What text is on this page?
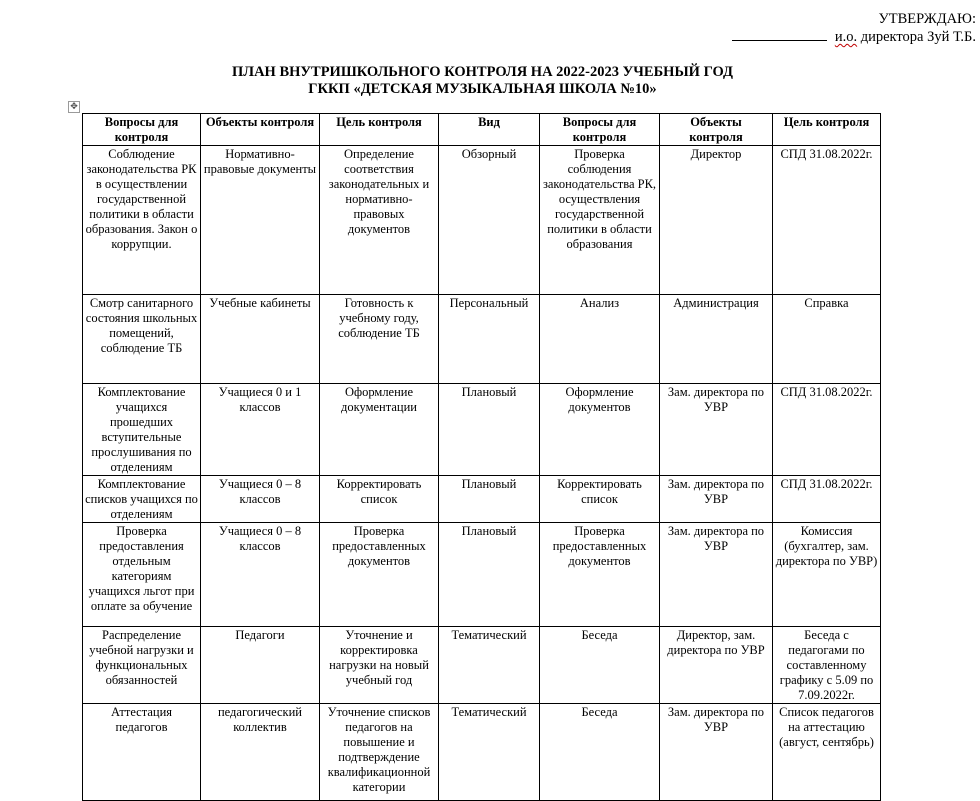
УТВЕРЖДАЮ:
и.о. директора Зуй Т.Б.
ПЛАН ВНУТРИШКОЛЬНОГО КОНТРОЛЯ НА 2022-2023 УЧЕБНЫЙ ГОД
ГККП «ДЕТСКАЯ МУЗЫКАЛЬНАЯ ШКОЛА №10»
✥
Вопросы для контроля	Объекты контроля	Цель контроля	Вид	Вопросы для контроля	Объекты контроля	Цель контроля
Соблюдение законодательства РК в осуществлении государственной политики в области образования. Закон о коррупции.	Нормативно-правовые документы	Определение соответствия законодательных и нормативно-правовых документов	Обзорный	Проверка соблюдения законодательства РК, осуществления государственной политики в области образования	Директор	СПД 31.08.2022г.
Смотр санитарного состояния школьных помещений, соблюдение ТБ	Учебные кабинеты	Готовность к учебному году, соблюдение ТБ	Персональный	Анализ	Администрация	Справка
Комплектование учащихся прошедших вступительные прослушивания по отделениям	Учащиеся 0 и 1 классов	Оформление документации	Плановый	Оформление документов	Зам. директора по УВР	СПД 31.08.2022г.
Комплектование списков учащихся по отделениям	Учащиеся 0 – 8 классов	Корректировать список	Плановый	Корректировать список	Зам. директора по УВР	СПД 31.08.2022г.
Проверка предоставления отдельным категориям учащихся льгот при оплате за обучение	Учащиеся 0 – 8 классов	Проверка предоставленных документов	Плановый	Проверка предоставленных документов	Зам. директора по УВР	Комиссия (бухгалтер, зам. директора по УВР)
Распределение учебной нагрузки и функциональных обязанностей	Педагоги	Уточнение и корректировка нагрузки на новый учебный год	Тематический	Беседа	Директор, зам. директора по УВР	Беседа с педагогами по составленному графику с 5.09 по 7.09.2022г.
Аттестация педагогов	педагогический коллектив	Уточнение списков педагогов на повышение и подтверждение квалификационной категории	Тематический	Беседа	Зам. директора по УВР	Список педагогов на аттестацию (август, сентябрь)
